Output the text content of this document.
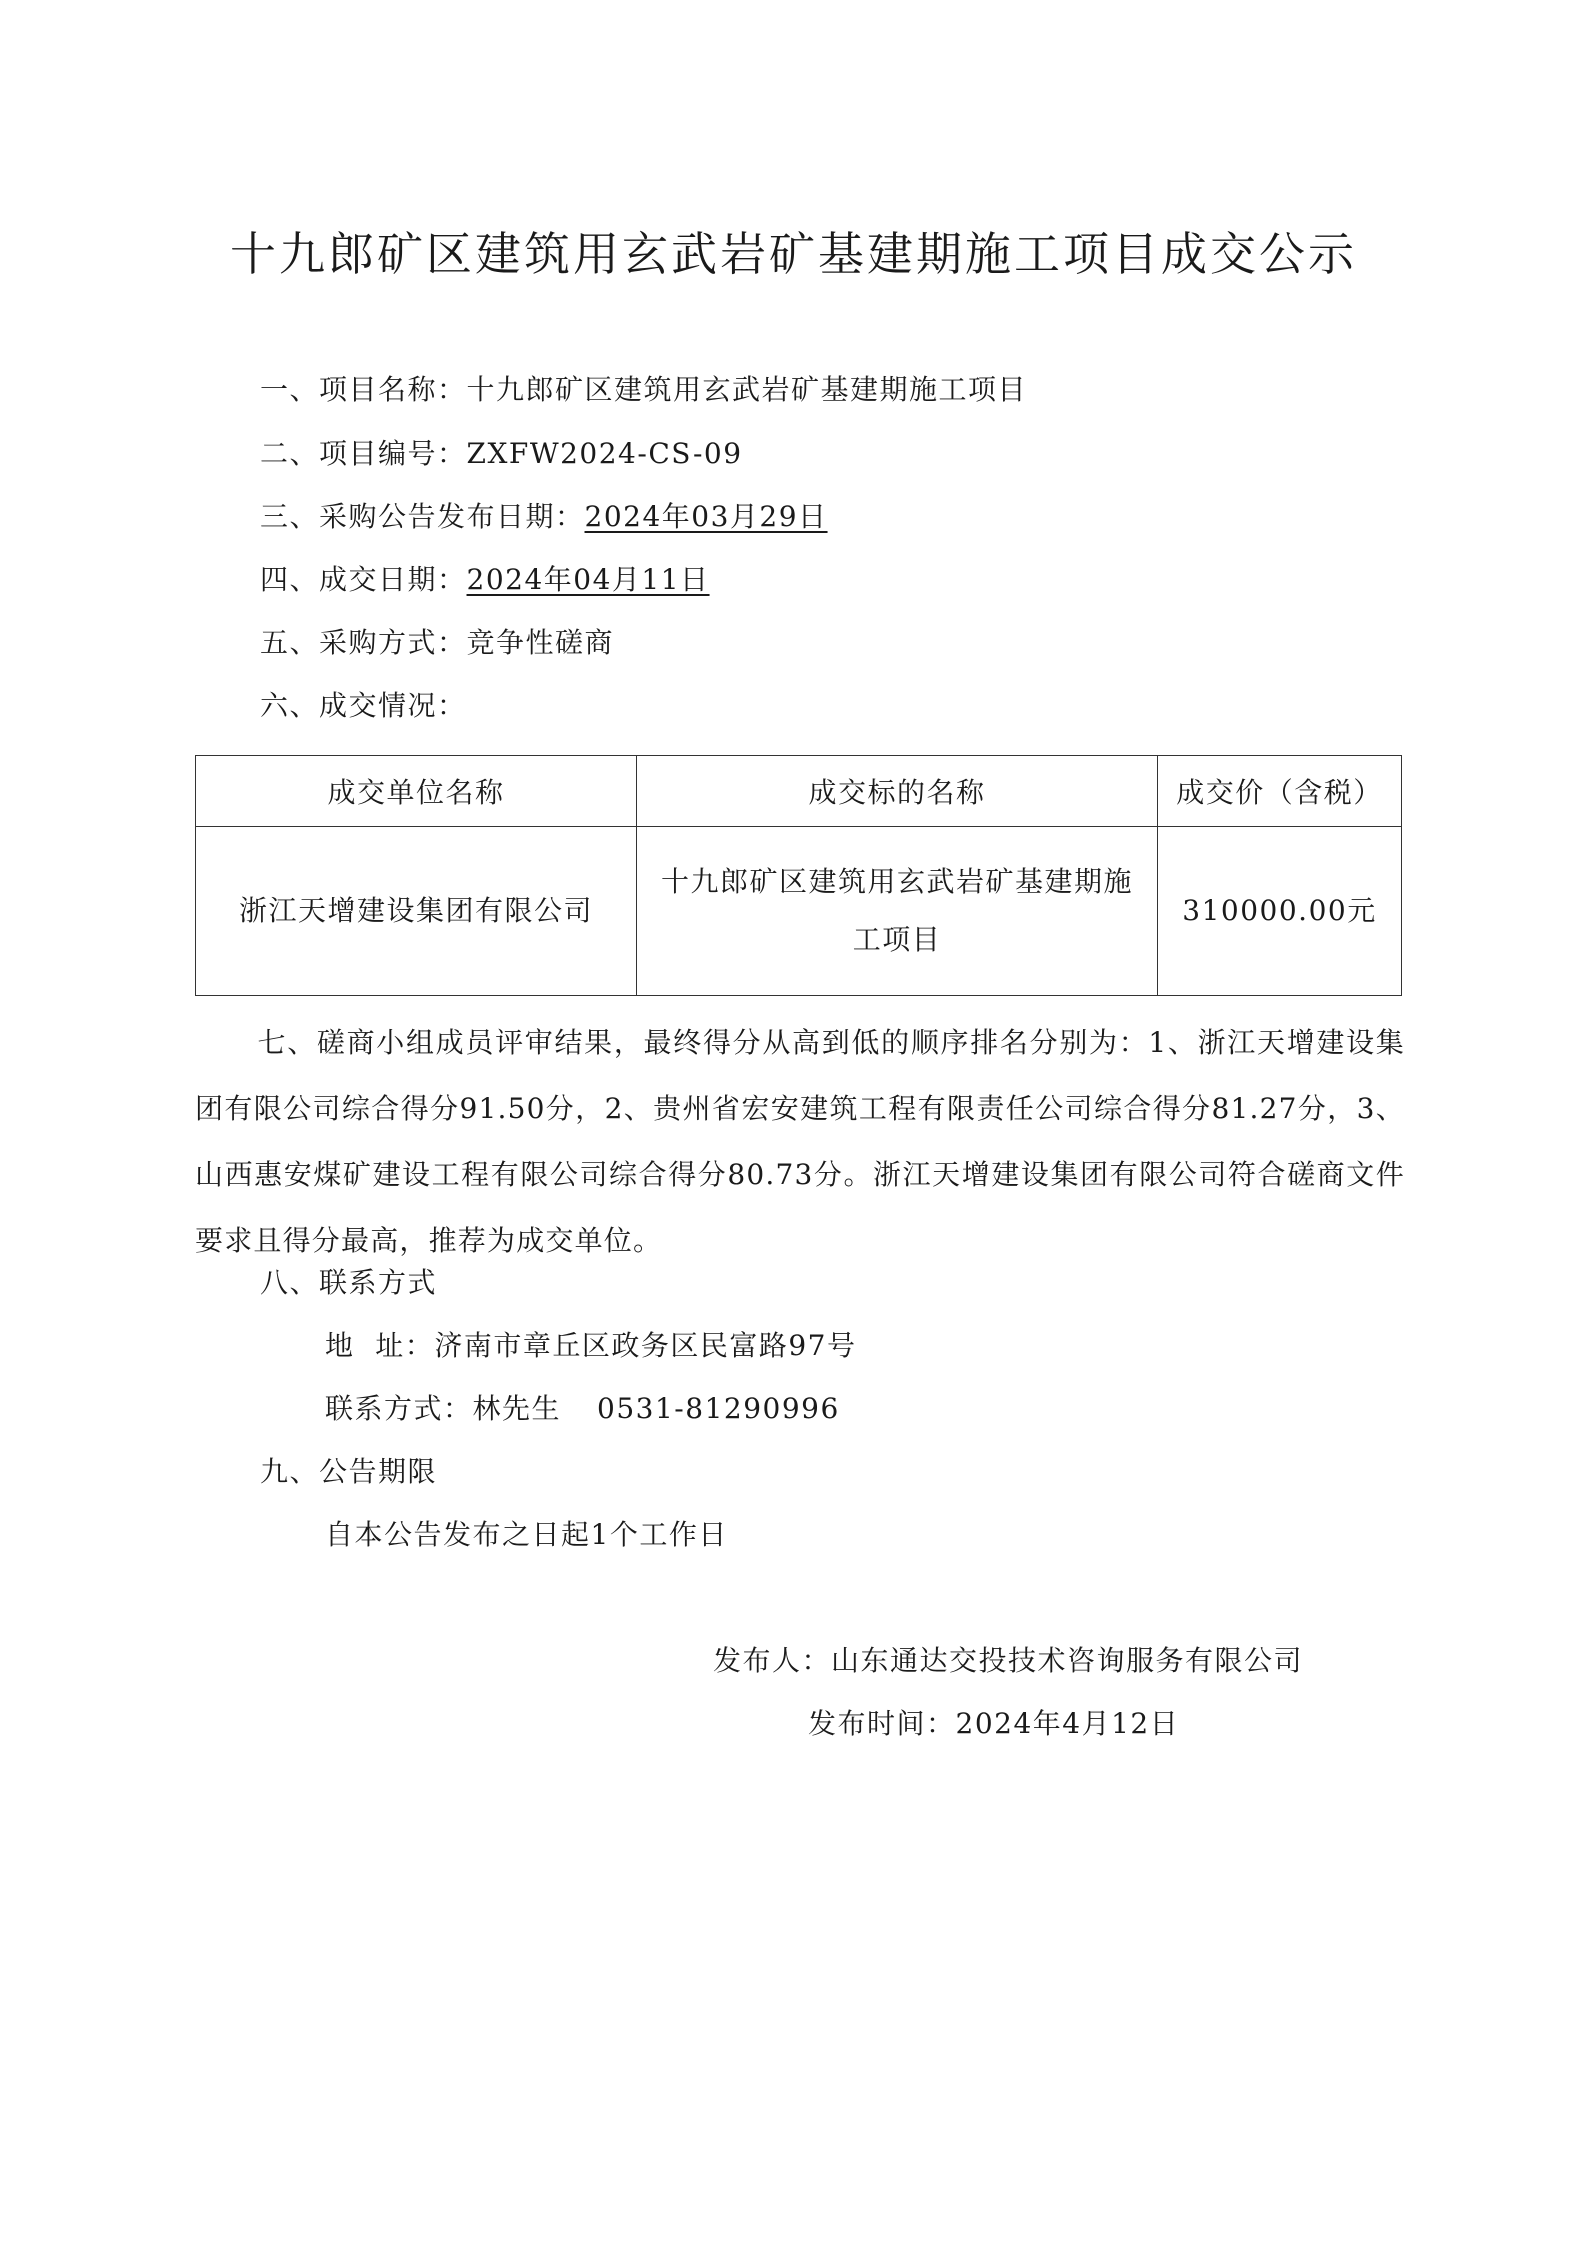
十九郎矿区建筑用玄武岩矿基建期施工项目成交公示
一、项目名称：十九郎矿区建筑用玄武岩矿基建期施工项目
二、项目编号：ZXFW2024-CS-09
三、采购公告发布日期：2024年03月29日
四、成交日期：2024年04月11日
五、采购方式：竞争性磋商
六、成交情况：
成交单位名称	成交标的名称	成交价（含税）
浙江天增建设集团有限公司	十九郎矿区建筑用玄武岩矿基建期施工项目	310000.00元
七、磋商小组成员评审结果，最终得分从高到低的顺序排名分别为：1、浙江天增建设集团有限公司综合得分91.50分，2、贵州省宏安建筑工程有限责任公司综合得分81.27分，3、山西惠安煤矿建设工程有限公司综合得分80.73分。浙江天增建设集团有限公司符合磋商文件要求且得分最高，推荐为成交单位。
八、联系方式
地  址：济南市章丘区政务区民富路97号
联系方式：林先生 0531-81290996
九、公告期限
自本公告发布之日起1个工作日
发布人：山东通达交投技术咨询服务有限公司
发布时间：2024年4月12日
